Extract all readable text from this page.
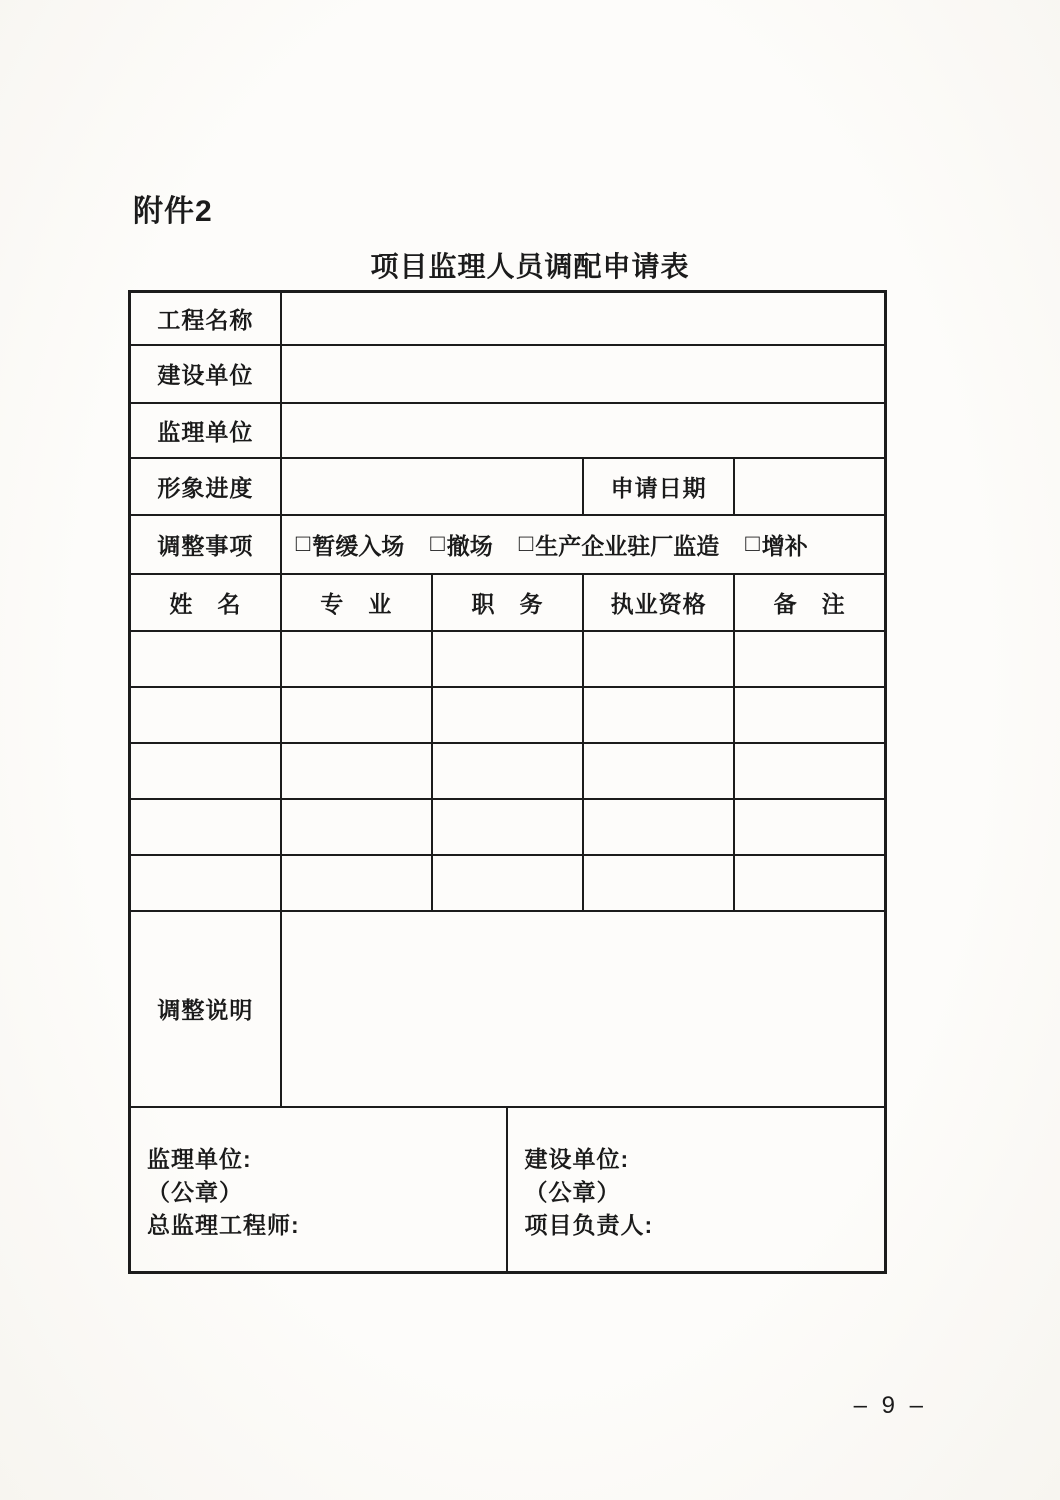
附件2
项目监理人员调配申请表
工程名称					
建设单位					
监理单位					
形象进度				申请日期	
调整事项	□ 暂缓入场 □ 撤场 □ 生产企业驻厂监造 □ 增补

姓　名	专　业	职　务		执业资格	备　注

调整说明					

监理单位:
（公章）
总监理工程师:

建设单位:
（公章）
项目负责人:
– 9 –
